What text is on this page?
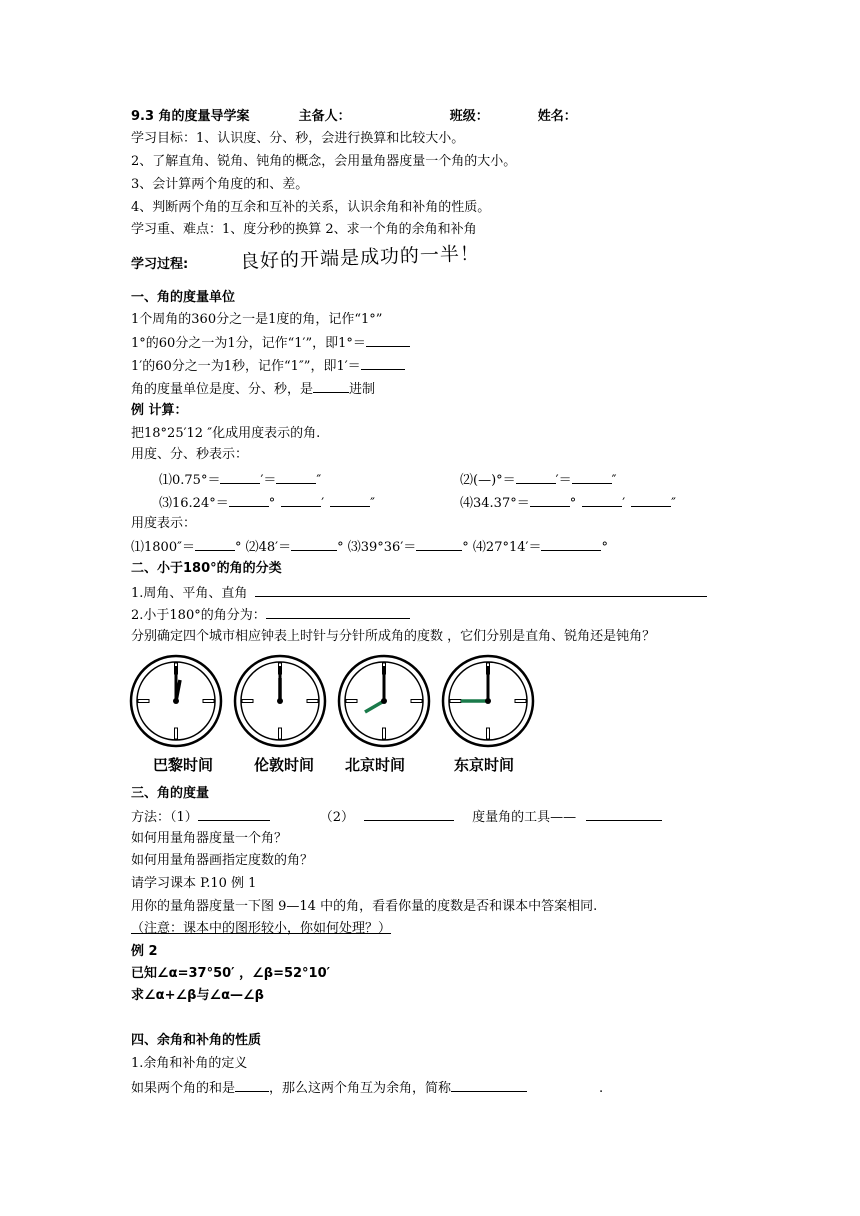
9.3 角的度量导学案	主备人：	班级：	姓名：
学习目标：1、认识度、分、秒，会进行换算和比较大小。
2、了解直角、锐角、钝角的概念，会用量角器度量一个角的大小。
3、会计算两个角度的和、差。
4、判断两个角的互余和互补的关系，认识余角和补角的性质。
学习重、难点：1、度分秒的换算 2、求一个角的余角和补角
学习过程:	良好的开端是成功的一半！
一、角的度量单位
1个周角的360分之一是1度的角，记作“1°”
1°的60分之一为1分，记作“1′”，即1°＝
1′的60分之一为1秒，记作“1″”，即1′＝
角的度量单位是度、分、秒，是	进制
例 计算：
把18°25′12 ″化成用度表示的角.
用度、分、秒表示：
⑴0.75°＝	′＝	″	⑵(—)°＝	′＝	″
⑶16.24°＝	°	′	″	⑷34.37°＝	°	′	″
用度表示：
⑴1800″＝	° ⑵48′＝	° ⑶39°36′＝	° ⑷27°14′＝	°
二、小于180°的角的分类
1.周角、平角、直角
2.小于180°的角分为：
分别确定四个城市相应钟表上时针与分针所成角的度数 ，它们分别是直角、锐角还是钝角？
巴黎时间	伦敦时间 北京时间	东京时间
三、角的度量
方法：（1）	（2）	度量角的工具——
如何用量角器度量一个角？
如何用量角器画指定度数的角？
请学习课本 P.10 例 1
用你的量角器度量一下图 9—14 中的角，看看你量的度数是否和课本中答案相同.
（注意：课本中的图形较小，你如何处理？）
例 2
已知∠α=37°50′ ，∠β=52°10′
求∠α+∠β与∠α—∠β
四、余角和补角的性质
1.余角和补角的定义
如果两个角的和是	，那么这两个角互为余角，简称	.
